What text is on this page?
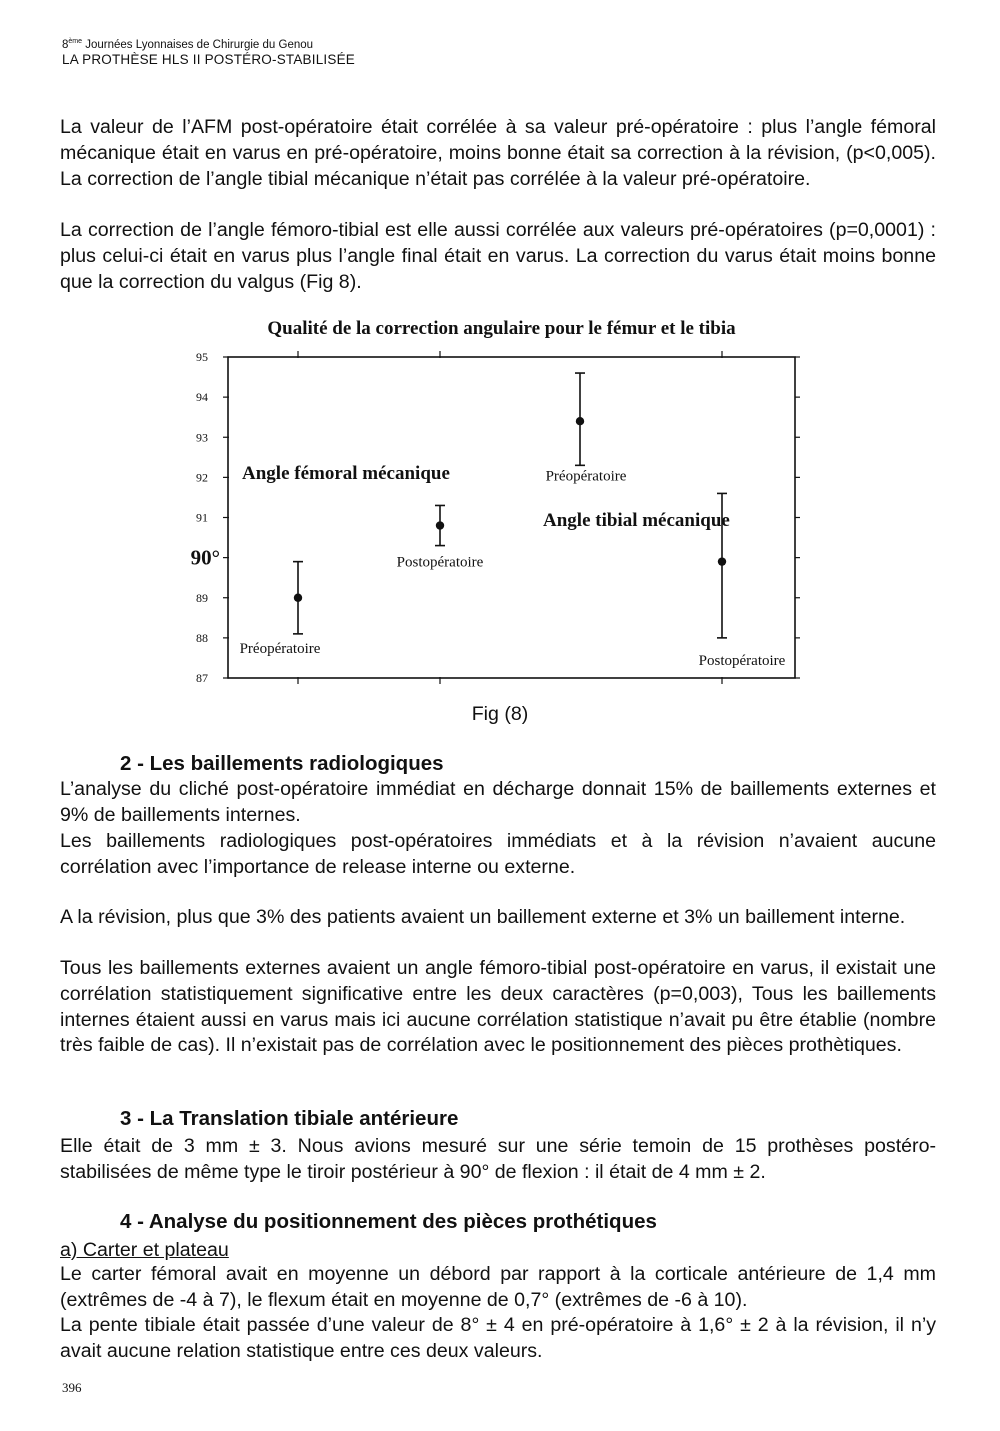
8ème Journées Lyonnaises de Chirurgie du Genou
LA PROTHÈSE HLS II POSTÉRO-STABILISÉE

La valeur de l’AFM post-opératoire était corrélée à sa valeur pré-opératoire : plus l’angle fémoral mécanique était en varus en pré-opératoire, moins bonne était sa correction à la révision, (p<0,005). La correction de l’angle tibial mécanique n’était pas corrélée à la valeur pré-opératoire.

La correction de l’angle fémoro-tibial est elle aussi corrélée aux valeurs pré-opératoires (p=0,0001) : plus celui-ci était en varus plus l’angle final était en varus. La correction du varus était moins bonne que la correction du valgus (Fig 8).

Qualité de la correction angulaire pour le fémur et le tibia
87
88
89
90°
91
92
93
94
95
Angle fémoral mécanique
Angle tibial mécanique
Préopératoire
Postopératoire
Préopératoire
Postopératoire
Fig (8)
2 - Les baillements radiologiques

L’analyse du cliché post-opératoire immédiat en décharge donnait 15% de baillements externes et 9% de baillements internes.

Les baillements radiologiques post-opératoires immédiats et à la révision n’avaient aucune corrélation avec l’importance de release interne ou externe.

A la révision, plus que 3% des patients avaient un baillement externe et 3% un baillement interne.

Tous les baillements externes avaient un angle fémoro-tibial post-opératoire en varus, il existait une corrélation statistiquement significative entre les deux caractères (p=0,003), Tous les baillements internes étaient aussi en varus mais ici aucune corrélation statistique n’avait pu être établie (nombre très faible de cas). Il n’existait pas de corrélation avec le positionnement des pièces prothètiques.

3 - La Translation tibiale antérieure

Elle était de 3 mm ± 3. Nous avions mesuré sur une série temoin de 15 prothèses postéro-stabilisées de même type le tiroir postérieur à 90° de flexion : il était de 4 mm ± 2.

4 - Analyse du positionnement des pièces prothétiques
a) Carter et plateau

Le carter fémoral avait en moyenne un débord par rapport à la corticale antérieure de 1,4 mm (extrêmes de -4 à 7), le flexum était en moyenne de 0,7° (extrêmes de -6 à 10).

La pente tibiale était passée d’une valeur de 8° ± 4 en pré-opératoire à 1,6° ± 2 à la révision, il n’y avait aucune relation statistique entre ces deux valeurs.

396
